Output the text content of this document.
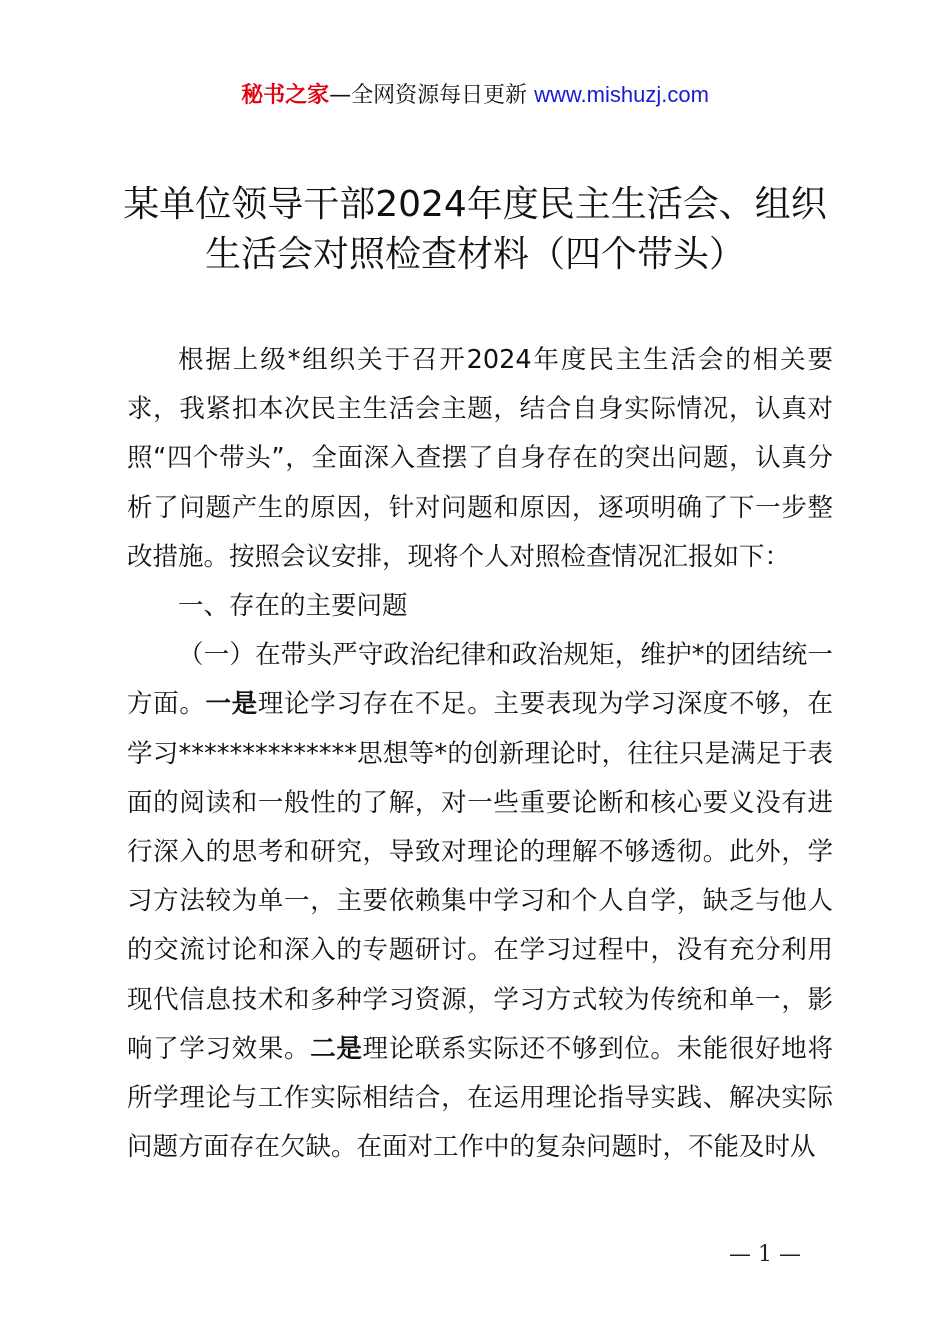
秘书之家—全网资源每日更新 www.mishuzj.com
某单位领导干部2024年度民主生活会、组织
生活会对照检查材料（四个带头）

根据上级*组织关于召开2024年度民主生活会的相关要求，我紧扣本次民主生活会主题，结合自身实际情况，认真对照“四个带头”，全面深入查摆了自身存在的突出问题，认真分析了问题产生的原因，针对问题和原因，逐项明确了下一步整改措施。按照会议安排，现将个人对照检查情况汇报如下：

一、存在的主要问题

（一）在带头严守政治纪律和政治规矩，维护*的团结统一方面。一是理论学习存在不足。主要表现为学习深度不够，在学习**************思想等*的创新理论时，往往只是满足于表面的阅读和一般性的了解，对一些重要论断和核心要义没有进行深入的思考和研究，导致对理论的理解不够透彻。此外，学习方法较为单一，主要依赖集中学习和个人自学，缺乏与他人的交流讨论和深入的专题研讨。在学习过程中，没有充分利用现代信息技术和多种学习资源，学习方式较为传统和单一，影响了学习效果。二是理论联系实际还不够到位。未能很好地将所学理论与工作实际相结合，在运用理论指导实践、解决实际问题方面存在欠缺。在面对工作中的复杂问题时，不能及时从

— 1 —
